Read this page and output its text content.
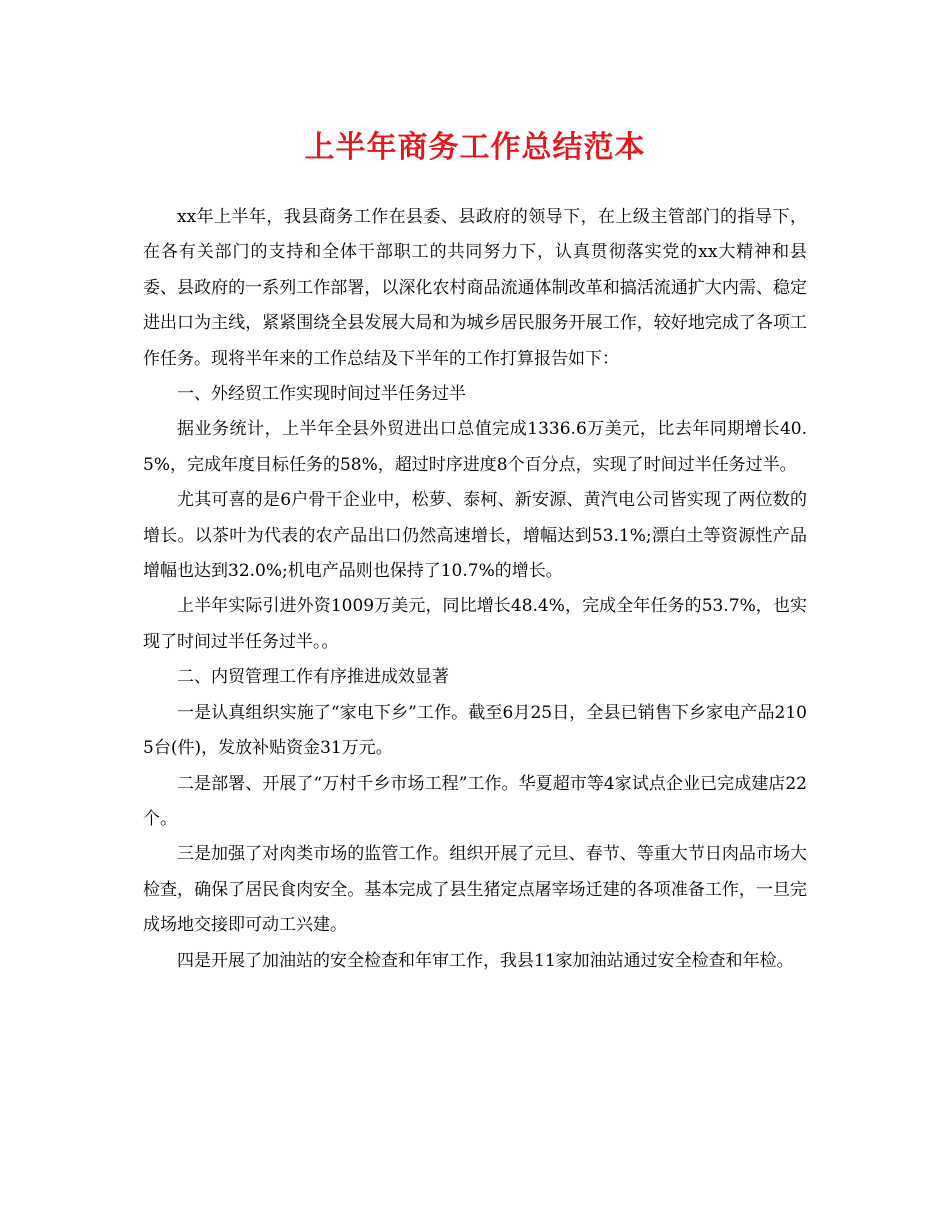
上半年商务工作总结范本

xx年上半年，我县商务工作在县委、县政府的领导下，在上级主管部门的指导下，在各有关部门的支持和全体干部职工的共同努力下，认真贯彻落实党的xx大精神和县委、县政府的一系列工作部署，以深化农村商品流通体制改革和搞活流通扩大内需、稳定进出口为主线，紧紧围绕全县发展大局和为城乡居民服务开展工作，较好地完成了各项工作任务。现将半年来的工作总结及下半年的工作打算报告如下：

一、外经贸工作实现时间过半任务过半

据业务统计，上半年全县外贸进出口总值完成1336.6万美元，比去年同期增长40.5%，完成年度目标任务的58%，超过时序进度8个百分点，实现了时间过半任务过半。

尤其可喜的是6户骨干企业中，松萝、泰柯、新安源、黄汽电公司皆实现了两位数的增长。以茶叶为代表的农产品出口仍然高速增长，增幅达到53.1%;漂白土等资源性产品增幅也达到32.0%;机电产品则也保持了10.7%的增长。

上半年实际引进外资1009万美元，同比增长48.4%，完成全年任务的53.7%，也实现了时间过半任务过半。。

二、内贸管理工作有序推进成效显著

一是认真组织实施了“家电下乡”工作。截至6月25日，全县已销售下乡家电产品2105台(件)，发放补贴资金31万元。

二是部署、开展了“万村千乡市场工程”工作。华夏超市等4家试点企业已完成建店22个。

三是加强了对肉类市场的监管工作。组织开展了元旦、春节、等重大节日肉品市场大检查，确保了居民食肉安全。基本完成了县生猪定点屠宰场迁建的各项准备工作，一旦完成场地交接即可动工兴建。

四是开展了加油站的安全检查和年审工作，我县11家加油站通过安全检查和年检。
